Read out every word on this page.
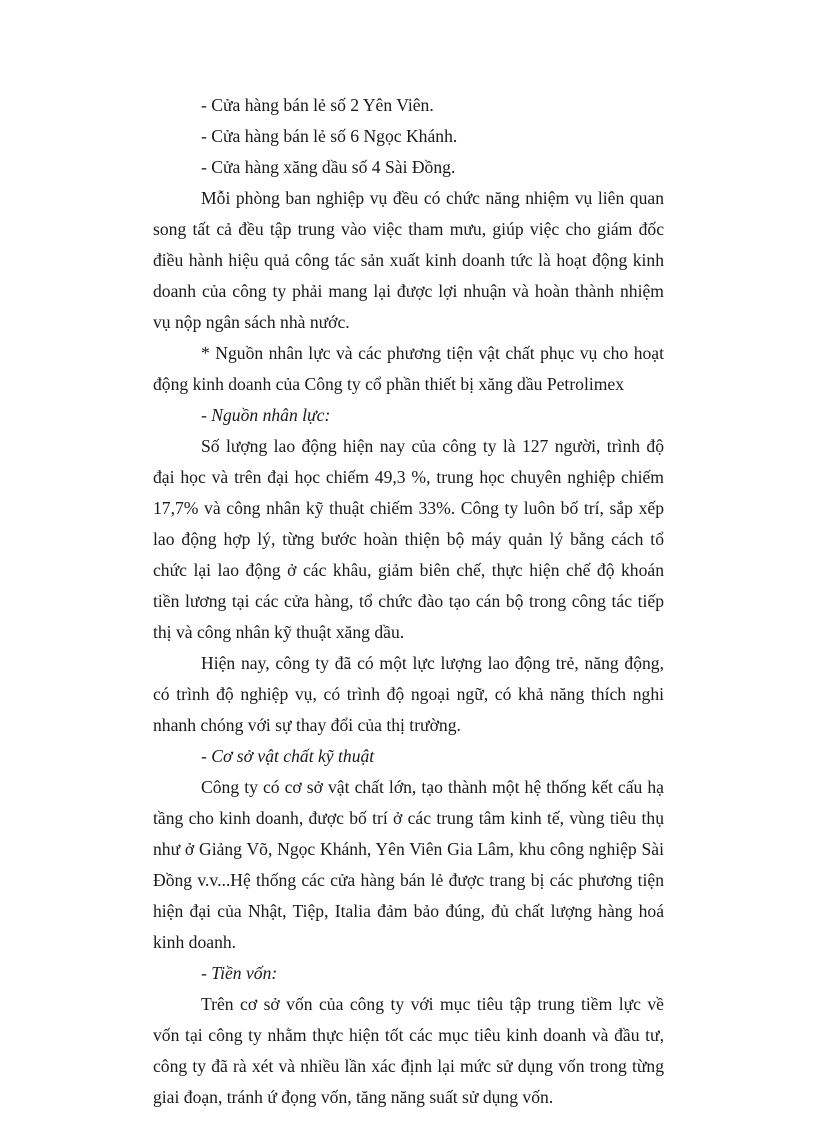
- Cửa hàng bán lẻ số 2 Yên Viên.

- Cửa hàng bán lẻ số 6 Ngọc Khánh.

- Cửa hàng xăng dầu số 4 Sài Đồng.

Mỗi phòng ban nghiệp vụ đều có chức năng nhiệm vụ liên quan song tất cả đều tập trung vào việc tham mưu, giúp việc cho giám đốc điều hành hiệu quả công tác sản xuất kinh doanh tức là hoạt động kinh doanh của công ty phải mang lại được lợi nhuận và hoàn thành nhiệm vụ nộp ngân sách nhà nước.

* Nguồn nhân lực và các phương tiện vật chất phục vụ cho hoạt động kinh doanh của Công ty cổ phần thiết bị xăng dầu Petrolimex

- Nguồn nhân lực:

Số lượng lao động hiện nay của công ty là 127 người, trình độ đại học và trên đại học chiếm 49,3 %, trung học chuyên nghiệp chiếm 17,7% và công nhân kỹ thuật chiếm 33%. Công ty luôn bố trí, sắp xếp lao động hợp lý, từng bước hoàn thiện bộ máy quản lý bằng cách tổ chức lại lao động ở các khâu, giảm biên chế, thực hiện chế độ khoán tiền lương tại các cửa hàng, tổ chức đào tạo cán bộ trong công tác tiếp thị và công nhân kỹ thuật xăng dầu.

Hiện nay, công ty đã có một lực lượng lao động trẻ, năng động, có trình độ nghiệp vụ, có trình độ ngoại ngữ, có khả năng thích nghi nhanh chóng với sự thay đổi của thị trường.

- Cơ sở vật chất kỹ thuật

Công ty có cơ sở vật chất lớn, tạo thành một hệ thống kết cấu hạ tầng cho kinh doanh, được bố trí ở các trung tâm kinh tế, vùng tiêu thụ như ở Giảng Võ, Ngọc Khánh, Yên Viên Gia Lâm, khu công nghiệp Sài Đồng v.v...Hệ thống các cửa hàng bán lẻ được trang bị các phương tiện hiện đại của Nhật, Tiệp, Italia đảm bảo đúng, đủ chất lượng hàng hoá kinh doanh.

- Tiền vốn:

Trên cơ sở vốn của công ty với mục tiêu tập trung tiềm lực về vốn tại công ty nhằm thực hiện tốt các mục tiêu kinh doanh và đầu tư, công ty đã rà xét và nhiều lần xác định lại mức sử dụng vốn trong từng giai đoạn, tránh ứ đọng vốn, tăng năng suất sử dụng vốn.
